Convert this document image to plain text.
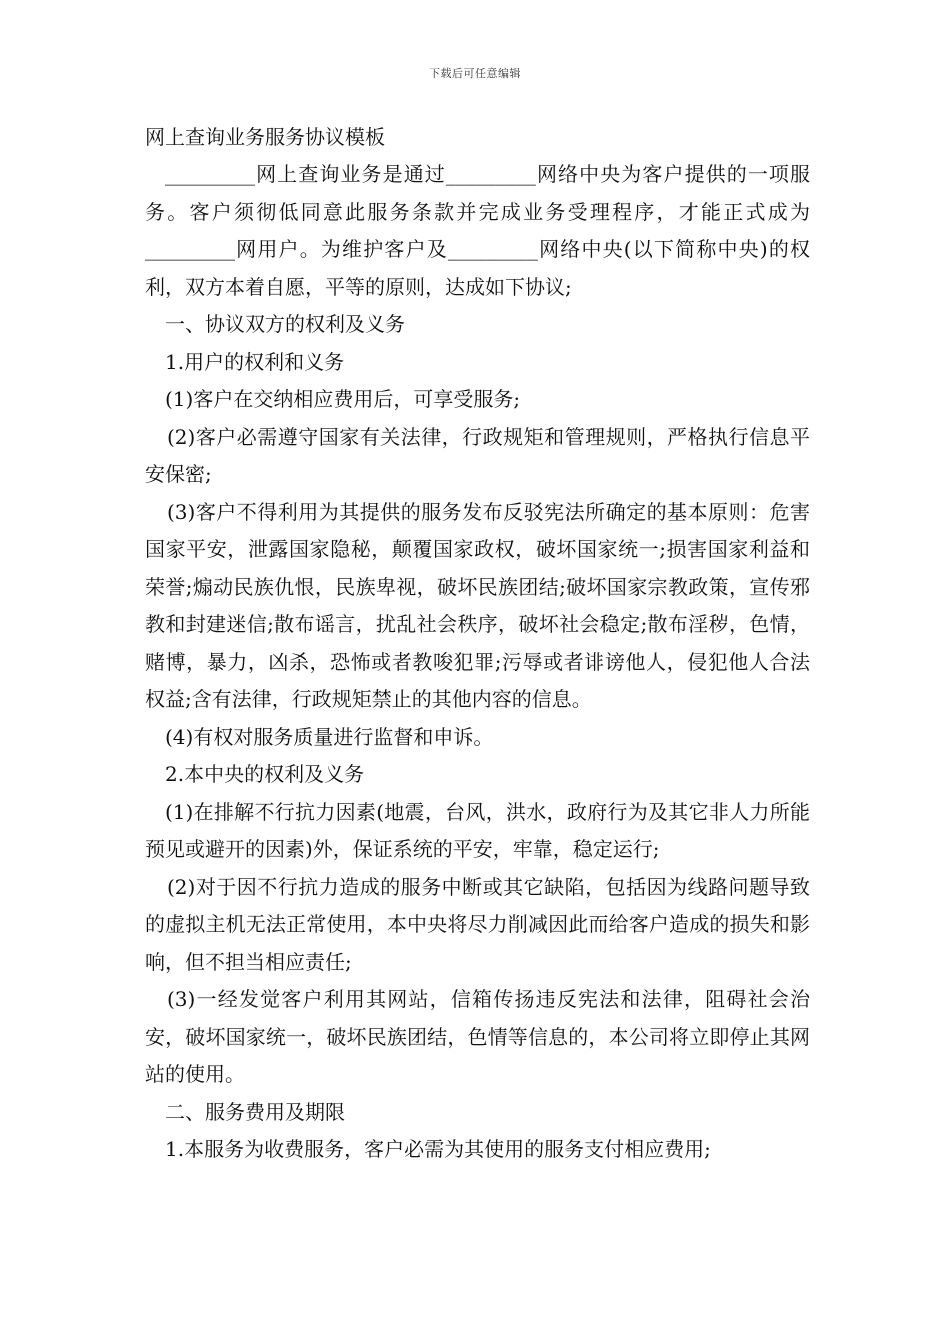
下载后可任意编辑
网上查询业务服务协议模板

_________网上查询业务是通过_________网络中央为客户提供的一项服务。客户须彻低同意此服务条款并完成业务受理程序，才能正式成为_________网用户。为维护客户及_________网络中央(以下简称中央)的权利，双方本着自愿，平等的原则，达成如下协议;

一、协议双方的权利及义务

1.用户的权利和义务

(1)客户在交纳相应费用后，可享受服务;

(2)客户必需遵守国家有关法律，行政规矩和管理规则，严格执行信息平安保密;

(3)客户不得利用为其提供的服务发布反驳宪法所确定的基本原则：危害国家平安，泄露国家隐秘，颠覆国家政权，破坏国家统一;损害国家利益和荣誉;煽动民族仇恨，民族卑视，破坏民族团结;破坏国家宗教政策，宣传邪教和封建迷信;散布谣言，扰乱社会秩序，破坏社会稳定;散布淫秽，色情，赌博，暴力，凶杀，恐怖或者教唆犯罪;污辱或者诽谤他人，侵犯他人合法权益;含有法律，行政规矩禁止的其他内容的信息。

(4)有权对服务质量进行监督和申诉。

2.本中央的权利及义务

(1)在排解不行抗力因素(地震，台风，洪水，政府行为及其它非人力所能预见或避开的因素)外，保证系统的平安，牢靠，稳定运行;

(2)对于因不行抗力造成的服务中断或其它缺陷，包括因为线路问题导致的虚拟主机无法正常使用，本中央将尽力削减因此而给客户造成的损失和影响，但不担当相应责任;

(3)一经发觉客户利用其网站，信箱传扬违反宪法和法律，阻碍社会治安，破坏国家统一，破坏民族团结，色情等信息的，本公司将立即停止其网站的使用。

二、服务费用及期限

1.本服务为收费服务，客户必需为其使用的服务支付相应费用;
